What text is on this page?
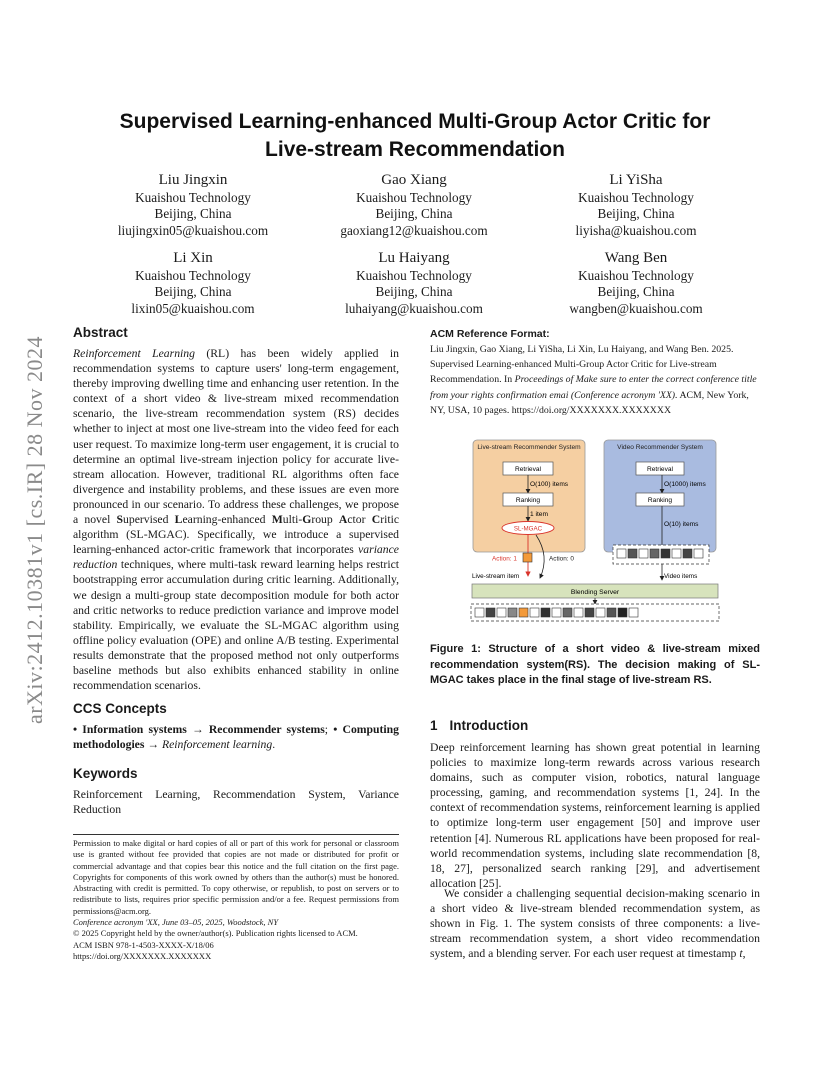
arXiv:2412.10381v1 [cs.IR] 28 Nov 2024
Supervised Learning-enhanced Multi-Group Actor Critic for
Live-stream Recommendation
Liu Jingxin
Kuaishou Technology
Beijing, China
liujingxin05@kuaishou.com
Gao Xiang
Kuaishou Technology
Beijing, China
gaoxiang12@kuaishou.com
Li YiSha
Kuaishou Technology
Beijing, China
liyisha@kuaishou.com
Li Xin
Kuaishou Technology
Beijing, China
lixin05@kuaishou.com
Lu Haiyang
Kuaishou Technology
Beijing, China
luhaiyang@kuaishou.com
Wang Ben
Kuaishou Technology
Beijing, China
wangben@kuaishou.com
Abstract
Reinforcement Learning (RL) has been widely applied in recommendation systems to capture users' long-term engagement, thereby improving dwelling time and enhancing user retention. In the context of a short video & live-stream mixed recommendation scenario, the live-stream recommendation system (RS) decides whether to inject at most one live-stream into the video feed for each user request. To maximize long-term user engagement, it is crucial to determine an optimal live-stream injection policy for accurate live-stream allocation. However, traditional RL algorithms often face divergence and instability problems, and these issues are even more pronounced in our scenario. To address these challenges, we propose a novel Supervised Learning-enhanced Multi-Group Actor Critic algorithm (SL-MGAC). Specifically, we introduce a supervised learning-enhanced actor-critic framework that incorporates variance reduction techniques, where multi-task reward learning helps restrict bootstrapping error accumulation during critic learning. Additionally, we design a multi-group state decomposition module for both actor and critic networks to reduce prediction variance and improve model stability. Empirically, we evaluate the SL-MGAC algorithm using offline policy evaluation (OPE) and online A/B testing. Experimental results demonstrate that the proposed method not only outperforms baseline methods but also exhibits enhanced stability in online recommendation scenarios.
CCS Concepts
• Information systems → Recommender systems; • Computing methodologies → Reinforcement learning.
Keywords
Reinforcement Learning, Recommendation System, Variance Reduction
Permission to make digital or hard copies of all or part of this work for personal or classroom use is granted without fee provided that copies are not made or distributed for profit or commercial advantage and that copies bear this notice and the full citation on the first page. Copyrights for components of this work owned by others than the author(s) must be honored. Abstracting with credit is permitted. To copy otherwise, or republish, to post on servers or to redistribute to lists, requires prior specific permission and/or a fee. Request permissions from permissions@acm.org.
Conference acronym 'XX, June 03–05, 2025, Woodstock, NY
© 2025 Copyright held by the owner/author(s). Publication rights licensed to ACM.
ACM ISBN 978-1-4503-XXXX-X/18/06
https://doi.org/XXXXXXX.XXXXXXX
ACM Reference Format:
Liu Jingxin, Gao Xiang, Li YiSha, Li Xin, Lu Haiyang, and Wang Ben. 2025. Supervised Learning-enhanced Multi-Group Actor Critic for Live-stream Recommendation. In Proceedings of Make sure to enter the correct conference title from your rights confirmation emai (Conference acronym 'XX). ACM, New York, NY, USA, 10 pages. https://doi.org/XXXXXXX.XXXXXXX
Live-stream Recommender System
Retrieval
O(100) items
Ranking
1 item
SL-MGAC
Video Recommender System
Retrieval
O(1000) items
Ranking
O(10) items
Action: 1	Action: 0
Live-stream item	Video items
Blending Server
Figure 1: Structure of a short video & live-stream mixed recommendation system(RS). The decision making of SL-MGAC takes place in the final stage of live-stream RS.
1 Introduction
Deep reinforcement learning has shown great potential in learning policies to maximize long-term rewards across various research domains, such as computer vision, robotics, natural language processing, gaming, and recommendation systems [1, 24]. In the context of recommendation systems, reinforcement learning is applied to optimize long-term user engagement [50] and improve user retention [4]. Numerous RL applications have been proposed for real-world recommendation systems, including slate recommendation [8, 18, 27], personalized search ranking [29], and advertisement allocation [25].
We consider a challenging sequential decision-making scenario in a short video & live-stream blended recommendation system, as shown in Fig. 1. The system consists of three components: a live-stream recommendation system, a short video recommendation system, and a blending server. For each user request at timestamp t,
